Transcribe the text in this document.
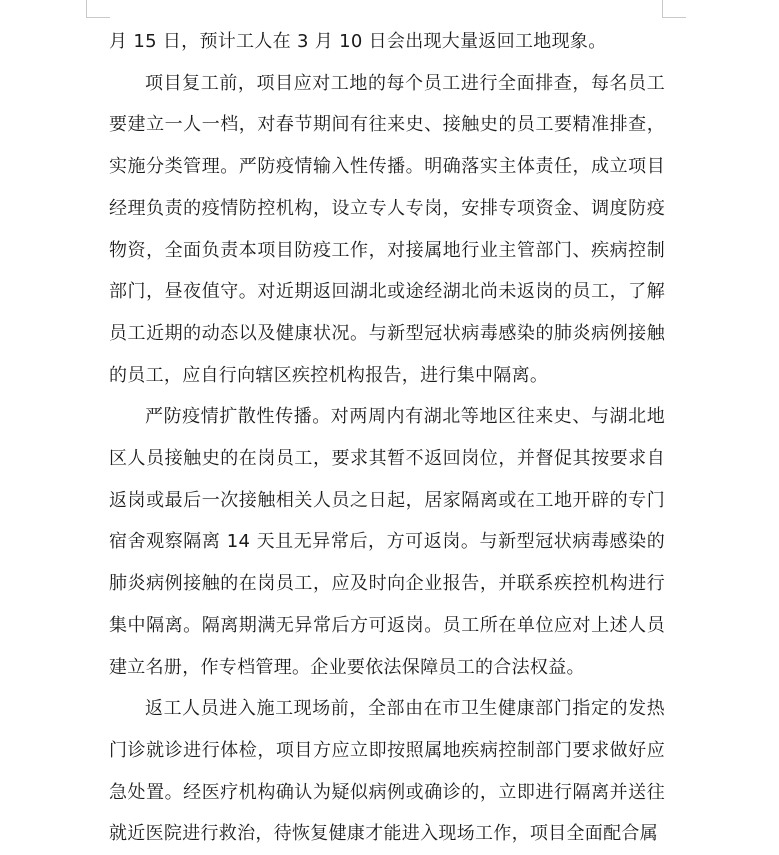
月 15 日，预计工人在 3 月 10 日会出现大量返回工地现象。

项目复工前，项目应对工地的每个员工进行全面排查，每名员工要建立一人一档，对春节期间有往来史、接触史的员工要精准排查，实施分类管理。严防疫情输入性传播。明确落实主体责任，成立项目经理负责的疫情防控机构，设立专人专岗，安排专项资金、调度防疫物资，全面负责本项目防疫工作，对接属地行业主管部门、疾病控制部门，昼夜值守。对近期返回湖北或途经湖北尚未返岗的员工，了解员工近期的动态以及健康状况。与新型冠状病毒感染的肺炎病例接触的员工，应自行向辖区疾控机构报告，进行集中隔离。

严防疫情扩散性传播。对两周内有湖北等地区往来史、与湖北地区人员接触史的在岗员工，要求其暂不返回岗位，并督促其按要求自返岗或最后一次接触相关人员之日起，居家隔离或在工地开辟的专门宿舍观察隔离 14 天且无异常后，方可返岗。与新型冠状病毒感染的肺炎病例接触的在岗员工，应及时向企业报告，并联系疾控机构进行集中隔离。隔离期满无异常后方可返岗。员工所在单位应对上述人员建立名册，作专档管理。企业要依法保障员工的合法权益。

返工人员进入施工现场前，全部由在市卫生健康部门指定的发热门诊就诊进行体检，项目方应立即按照属地疾病控制部门要求做好应急处置。经医疗机构确认为疑似病例或确诊的，立即进行隔离并送往就近医院进行救治，待恢复健康才能进入现场工作，项目全面配合属
